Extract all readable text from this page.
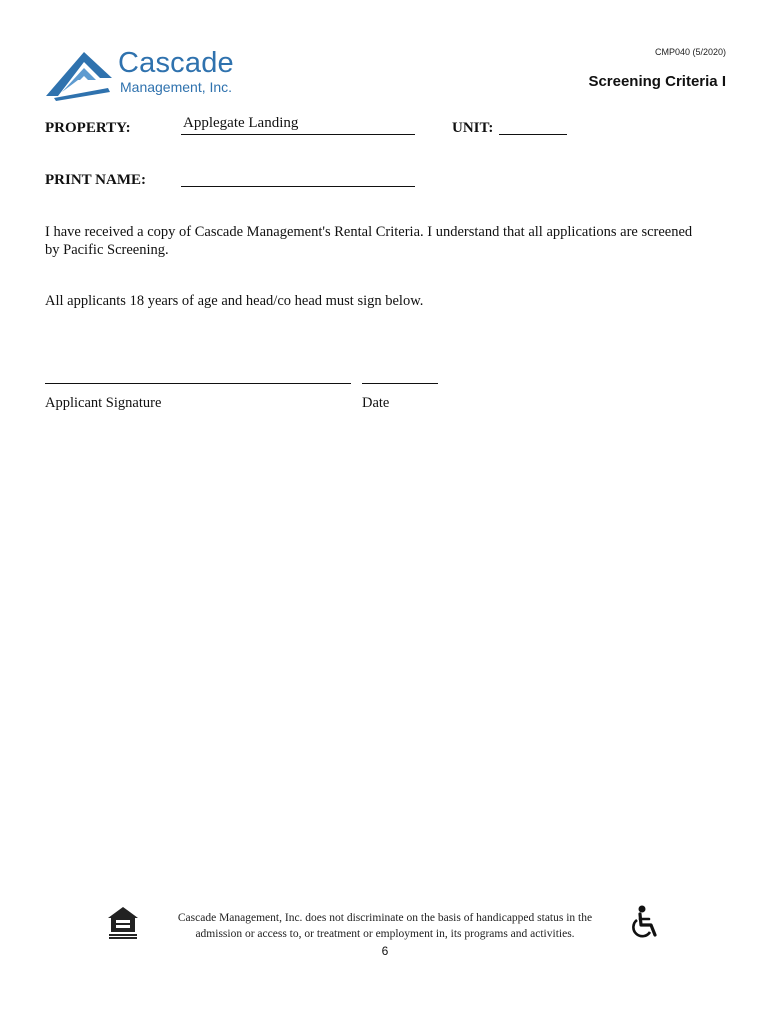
Cascade
Management, Inc.
CMP040 (5/2020)
Screening Criteria I
PROPERTY:	Applegate Landing	UNIT:
PRINT NAME:
I have received a copy of Cascade Management's Rental Criteria. I understand that all applications are screened
by Pacific Screening.
All applicants 18 years of age and head/co head must sign below.
Applicant Signature	Date
Cascade Management, Inc. does not discriminate on the basis of handicapped status in the
admission or access to, or treatment or employment in, its programs and activities.
6
